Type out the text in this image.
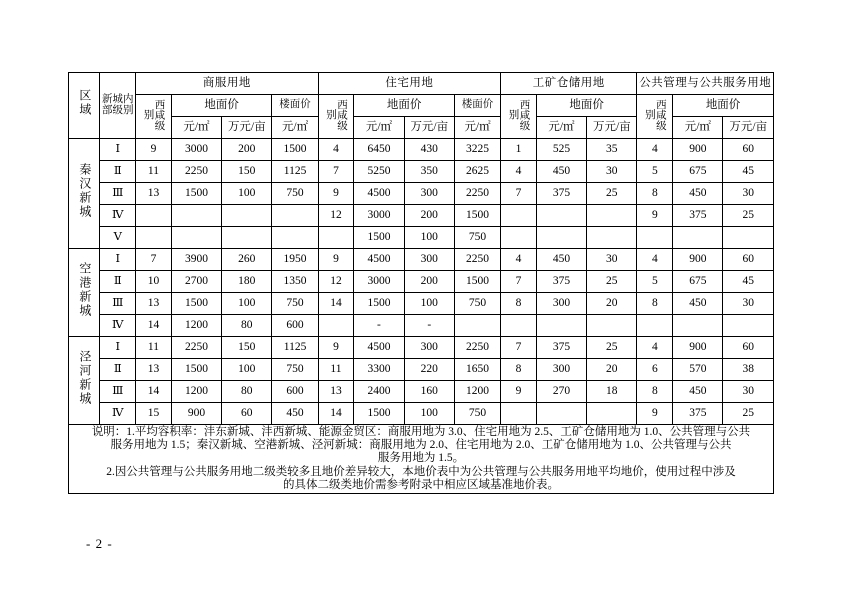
区域	新城内部级别	商服用地				住宅用地				工矿仓储用地			公共管理与公共服务用地		
		西咸级别	地面价		楼面价	西咸级别	地面价		楼面价	西咸级别	地面价		西咸级别	地面价	
			元/㎡	万元/亩	元/㎡		元/㎡	万元/亩	元/㎡		元/㎡	万元/亩		元/㎡	万元/亩
秦汉新城	Ⅰ	9	3000	200	1500	4	6450	430	3225	1	525	35	4	900	60
	Ⅱ	11	2250	150	1125	7	5250	350	2625	4	450	30	5	675	45
	Ⅲ	13	1500	100	750	9	4500	300	2250	7	375	25	8	450	30
	Ⅳ					12	3000	200	1500				9	375	25
	Ⅴ						1500	100	750						
空港新城	Ⅰ	7	3900	260	1950	9	4500	300	2250	4	450	30	4	900	60
	Ⅱ	10	2700	180	1350	12	3000	200	1500	7	375	25	5	675	45
	Ⅲ	13	1500	100	750	14	1500	100	750	8	300	20	8	450	30
	Ⅳ	14	1200	80	600		-	-							
泾河新城	Ⅰ	11	2250	150	1125	9	4500	300	2250	7	375	25	4	900	60
	Ⅱ	13	1500	100	750	11	3300	220	1650	8	300	20	6	570	38
	Ⅲ	14	1200	80	600	13	2400	160	1200	9	270	18	8	450	30
	Ⅳ	15	900	60	450	14	1500	100	750				9	375	25

说明：1.平均容积率：沣东新城、沣西新城、能源金贸区：商服用地为 3.0、住宅用地为 2.5、工矿仓储用地为 1.0、公共管理与公共
服务用地为 1.5；秦汉新城、空港新城、泾河新城：商服用地为 2.0、住宅用地为 2.0、工矿仓储用地为 1.0、公共管理与公共
服务用地为 1.5。
2.因公共管理与公共服务用地二级类较多且地价差异较大，本地价表中为公共管理与公共服务用地平均地价，使用过程中涉及
的具体二级类地价需参考附录中相应区域基准地价表。															
- 2 -
